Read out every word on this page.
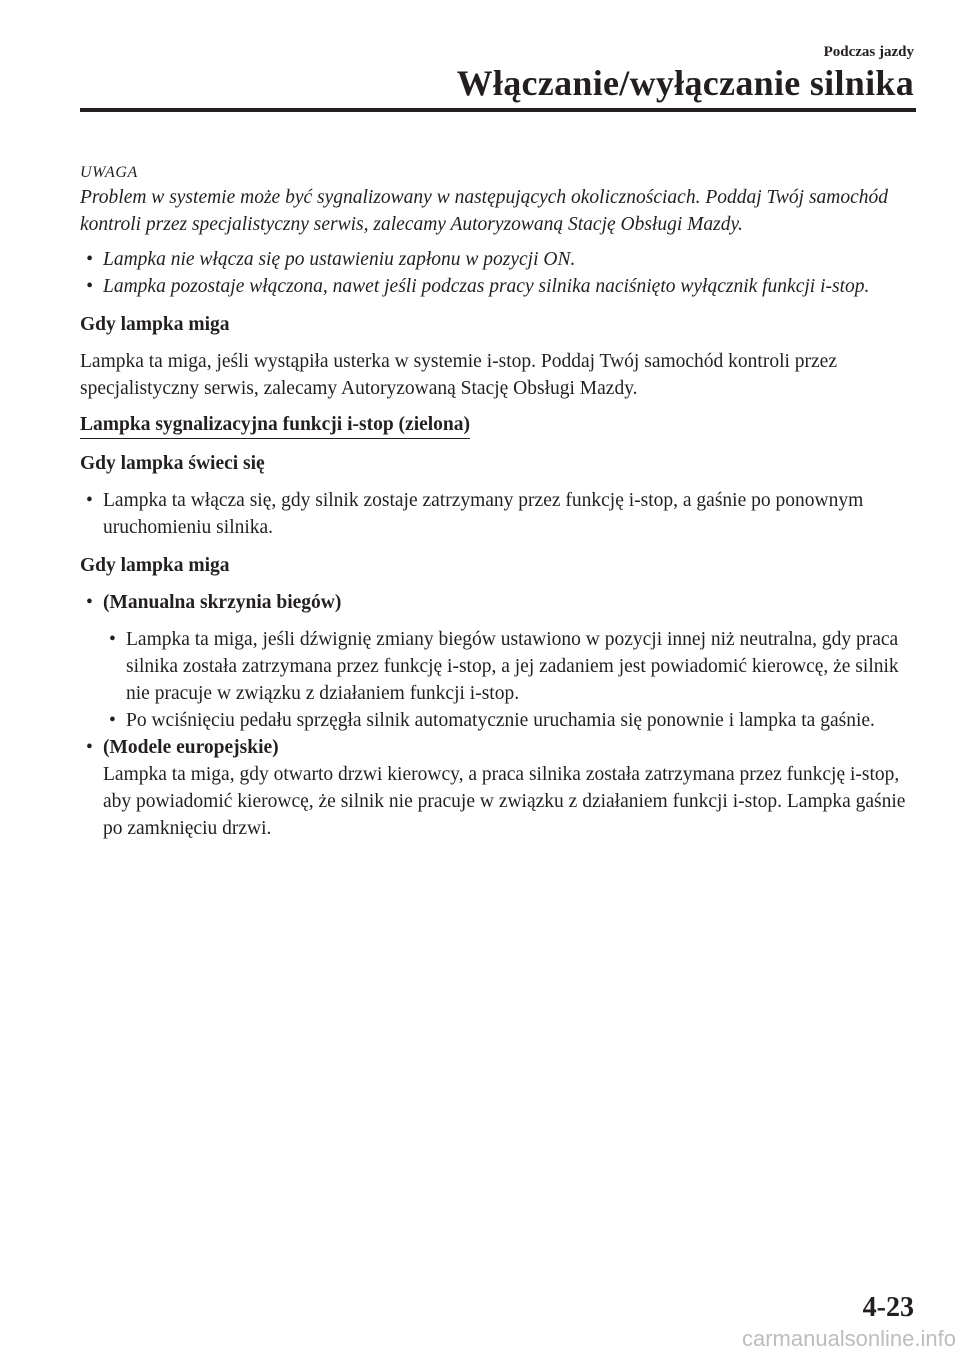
Podczas jazdy
Włączanie/wyłączanie silnika
UWAGA
Problem w systemie może być sygnalizowany w następujących okolicznościach. Poddaj Twój samochód kontroli przez specjalistyczny serwis, zalecamy Autoryzowaną Stację Obsługi Mazdy.
• Lampka nie włącza się po ustawieniu zapłonu w pozycji ON.
• Lampka pozostaje włączona, nawet jeśli podczas pracy silnika naciśnięto wyłącznik funkcji i-stop.
Gdy lampka miga
Lampka ta miga, jeśli wystąpiła usterka w systemie i-stop. Poddaj Twój samochód kontroli przez specjalistyczny serwis, zalecamy Autoryzowaną Stację Obsługi Mazdy.
Lampka sygnalizacyjna funkcji i-stop (zielona)
Gdy lampka świeci się
• Lampka ta włącza się, gdy silnik zostaje zatrzymany przez funkcję i-stop, a gaśnie po ponownym uruchomieniu silnika.
Gdy lampka miga
• (Manualna skrzynia biegów)
• Lampka ta miga, jeśli dźwignię zmiany biegów ustawiono w pozycji innej niż neutralna, gdy praca silnika została zatrzymana przez funkcję i-stop, a jej zadaniem jest powiadomić kierowcę, że silnik nie pracuje w związku z działaniem funkcji i-stop.
• Po wciśnięciu pedału sprzęgła silnik automatycznie uruchamia się ponownie i lampka ta gaśnie.
• (Modele europejskie)
Lampka ta miga, gdy otwarto drzwi kierowcy, a praca silnika została zatrzymana przez funkcję i-stop, aby powiadomić kierowcę, że silnik nie pracuje w związku z działaniem funkcji i-stop. Lampka gaśnie po zamknięciu drzwi.
4-23
carmanualsonline.info
